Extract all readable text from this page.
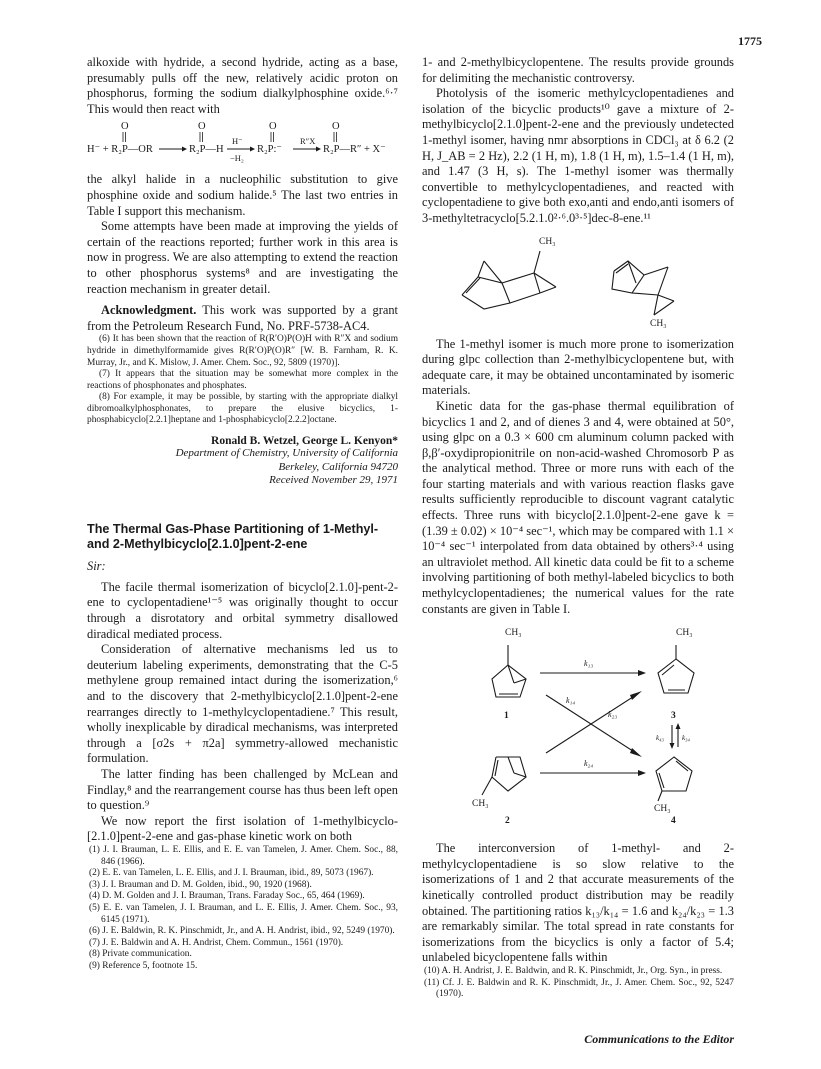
1775

alkoxide with hydride, a second hydride, acting as a base, presumably pulls off the new, relatively acidic proton on phosphorus, forming the sodium dialkylphosphine oxide.⁶·⁷ This would then react with

O	O	O	O
H⁻ + R₂P—OR	R₂P—H
H⁻
−H₂
R₂P:⁻
R″X
R₂P—R″ + X⁻

the alkyl halide in a nucleophilic substitution to give phosphine oxide and sodium halide.⁵ The last two entries in Table I support this mechanism.

Some attempts have been made at improving the yields of certain of the reactions reported; further work in this area is now in progress. We are also attempting to extend the reaction to other phosphorus systems⁸ and are investigating the reaction mechanism in greater detail.

Acknowledgment. This work was supported by a grant from the Petroleum Research Fund, No. PRF-5738-AC4.

(6) It has been shown that the reaction of R(R′O)P(O)H with R″X and sodium hydride in dimethylformamide gives R(R′O)P(O)R″ [W. B. Farnham, R. K. Murray, Jr., and K. Mislow, J. Amer. Chem. Soc., 92, 5809 (1970)].

(7) It appears that the situation may be somewhat more complex in the reactions of phosphonates and phosphates.

(8) For example, it may be possible, by starting with the appropriate dialkyl dibromoalkylphosphonates, to prepare the elusive bicyclics, 1-phosphabicyclo[2.2.1]heptane and 1-phosphabicyclo[2.2.2]octane.

Ronald B. Wetzel, George L. Kenyon*
Department of Chemistry, University of California
Berkeley, California 94720
Received November 29, 1971

The Thermal Gas-Phase Partitioning of 1-Methyl- and 2-Methylbicyclo[2.1.0]pent-2-ene

Sir:

The facile thermal isomerization of bicyclo[2.1.0]-pent-2-ene to cyclopentadiene¹⁻⁵ was originally thought to occur through a disrotatory and orbital symmetry disallowed diradical mediated process.

Consideration of alternative mechanisms led us to deuterium labeling experiments, demonstrating that the C-5 methylene group remained intact during the isomerization,⁶ and to the discovery that 2-methylbicyclo[2.1.0]pent-2-ene rearranges directly to 1-methylcyclopentadiene.⁷ This result, wholly inexplicable by diradical mechanisms, was interpreted through a [σ2s + π2a] symmetry-allowed mechanistic formulation.

The latter finding has been challenged by McLean and Findlay,⁸ and the rearrangement course has thus been left open to question.⁹

We now report the first isolation of 1-methylbicyclo-[2.1.0]pent-2-ene and gas-phase kinetic work on both

(1) J. I. Brauman, L. E. Ellis, and E. E. van Tamelen, J. Amer. Chem. Soc., 88, 846 (1966).

(2) E. E. van Tamelen, L. E. Ellis, and J. I. Brauman, ibid., 89, 5073 (1967).

(3) J. I. Brauman and D. M. Golden, ibid., 90, 1920 (1968).

(4) D. M. Golden and J. I. Brauman, Trans. Faraday Soc., 65, 464 (1969).

(5) E. E. van Tamelen, J. I. Brauman, and L. E. Ellis, J. Amer. Chem. Soc., 93, 6145 (1971).

(6) J. E. Baldwin, R. K. Pinschmidt, Jr., and A. H. Andrist, ibid., 92, 5249 (1970).

(7) J. E. Baldwin and A. H. Andrist, Chem. Commun., 1561 (1970).

(8) Private communication.

(9) Reference 5, footnote 15.

1- and 2-methylbicyclopentene. The results provide grounds for delimiting the mechanistic controversy.

Photolysis of the isomeric methylcyclopentadienes and isolation of the bicyclic products¹⁰ gave a mixture of 2-methylbicyclo[2.1.0]pent-2-ene and the previously undetected 1-methyl isomer, having nmr absorptions in CDCl₃ at δ 6.2 (2 H, J_AB = 2 Hz), 2.2 (1 H, m), 1.8 (1 H, m), 1.5–1.4 (1 H, m), and 1.47 (3 H, s). The 1-methyl isomer was thermally convertible to methylcyclopentadienes, and reacted with cyclopentadiene to give both exo,anti and endo,anti isomers of 3-methyltetracyclo[5.2.1.0²·⁶.0³·⁵]dec-8-ene.¹¹

CH₃
CH₃

The 1-methyl isomer is much more prone to isomerization during glpc collection than 2-methylbicyclopentene but, with adequate care, it may be obtained uncontaminated by isomeric materials.

Kinetic data for the gas-phase thermal equilibration of bicyclics 1 and 2, and of dienes 3 and 4, were obtained at 50°, using glpc on a 0.3 × 600 cm aluminum column packed with β,β′-oxydipropionitrile on non-acid-washed Chromosorb P as the analytical method. Three or more runs with each of the four starting materials and with various reaction flasks gave results sufficiently reproducible to discount vagrant catalytic effects. Three runs with bicyclo[2.1.0]pent-2-ene gave k = (1.39 ± 0.02) × 10⁻⁴ sec⁻¹, which may be compared with 1.1 × 10⁻⁴ sec⁻¹ interpolated from data obtained by others³·⁴ using an ultraviolet method. All kinetic data could be fit to a scheme involving partitioning of both methyl-labeled bicyclics to both methylcyclopentadienes; the numerical values for the rate constants are given in Table I.

CH₃
1
CH₃
3
CH₃
2
CH₃
4
k₁₃
k₂₄
k₁₄
k₂₃
k₄₃	k₃₄

The interconversion of 1-methyl- and 2-methylcyclopentadiene is so slow relative to the isomerizations of 1 and 2 that accurate measurements of the kinetically controlled product distribution may be readily obtained. The partitioning ratios k₁₃/k₁₄ = 1.6 and k₂₄/k₂₃ = 1.3 are remarkably similar. The total spread in rate constants for isomerizations from the bicyclics is only a factor of 5.4; unlabeled bicyclopentene falls within

(10) A. H. Andrist, J. E. Baldwin, and R. K. Pinschmidt, Jr., Org. Syn., in press.

(11) Cf. J. E. Baldwin and R. K. Pinschmidt, Jr., J. Amer. Chem. Soc., 92, 5247 (1970).

Communications to the Editor
